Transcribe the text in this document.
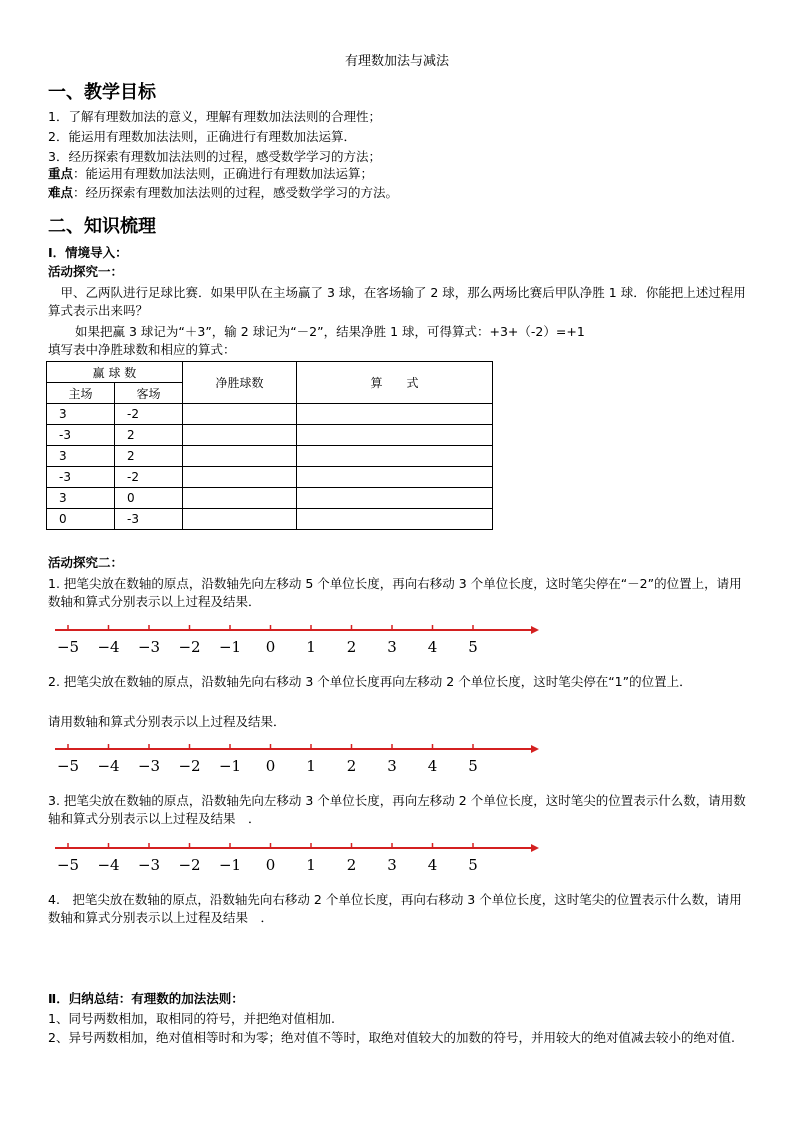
有理数加法与减法
一、教学目标
1．了解有理数加法的意义，理解有理数加法法则的合理性；
2．能运用有理数加法法则，正确进行有理数加法运算．
3．经历探索有理数加法法则的过程，感受数学学习的方法；
重点：能运用有理数加法法则，正确进行有理数加法运算；
难点：经历探索有理数加法法则的过程，感受数学学习的方法。
二、知识梳理
Ⅰ．情境导入：
活动探究一：
　甲、乙两队进行足球比赛．如果甲队在主场赢了 3 球，在客场输了 2 球，那么两场比赛后甲队净胜 1 球．你能把上述过程用算式表示出来吗？
如果把赢 3 球记为“＋3”，输 2 球记为“－2”，结果净胜 1 球，可得算式：+3+（-2）=+1
填写表中净胜球数和相应的算式：
赢 球 数		净胜球数	算　　式
主场	客场		
3	-2		
-3	2		
3	2		
-3	-2		
3	0		
0	-3		
活动探究二：
1. 把笔尖放在数轴的原点，沿数轴先向左移动 5 个单位长度，再向右移动 3 个单位长度，这时笔尖停在“－2”的位置上，请用数轴和算式分别表示以上过程及结果．
−5 −4 −3 −2 −1 0 1 2 3 4 5
2. 把笔尖放在数轴的原点，沿数轴先向右移动 3 个单位长度再向左移动 2 个单位长度，这时笔尖停在“1”的位置上．
请用数轴和算式分别表示以上过程及结果．
−5 −4 −3 −2 −1 0 1 2 3 4 5
3. 把笔尖放在数轴的原点，沿数轴先向左移动 3 个单位长度，再向左移动 2 个单位长度，这时笔尖的位置表示什么数，请用数轴和算式分别表示以上过程及结果　．
−5 −4 −3 −2 −1 0 1 2 3 4 5
4.　把笔尖放在数轴的原点，沿数轴先向右移动 2 个单位长度，再向右移动 3 个单位长度，这时笔尖的位置表示什么数，请用数轴和算式分别表示以上过程及结果　．
Ⅱ．归纳总结：有理数的加法法则：
1、同号两数相加，取相同的符号，并把绝对值相加.
2、异号两数相加，绝对值相等时和为零；绝对值不等时，取绝对值较大的加数的符号，并用较大的绝对值减去较小的绝对值.
